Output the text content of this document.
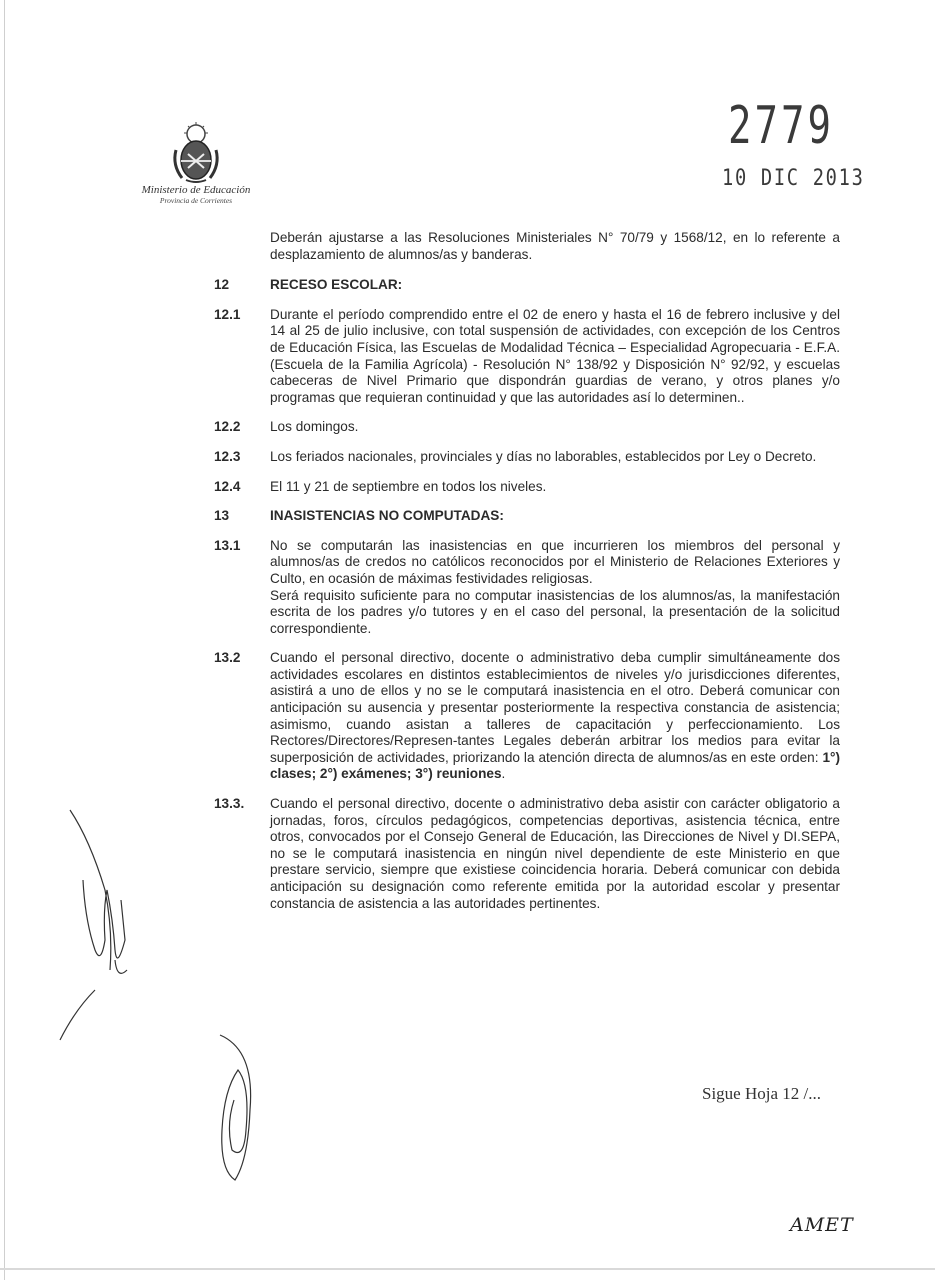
Ministerio de Educación
Provincia de Corrientes
2779
10 DIC 2013
Deberán ajustarse a las Resoluciones Ministeriales N° 70/79 y 1568/12, en lo referente a desplazamiento de alumnos/as y banderas.
12	RECESO ESCOLAR:
12.1	Durante el período comprendido entre el 02 de enero y hasta el 16 de febrero inclusive y del 14 al 25 de julio inclusive, con total suspensión de actividades, con excepción de los Centros de Educación Física, las Escuelas de Modalidad Técnica – Especialidad Agropecuaria - E.F.A. (Escuela de la Familia Agrícola) - Resolución N° 138/92 y Disposición N° 92/92, y escuelas cabeceras de Nivel Primario que dispondrán guardias de verano, y otros planes y/o programas que requieran continuidad y que las autoridades así lo determinen..
12.2	Los domingos.
12.3	Los feriados nacionales, provinciales y días no laborables, establecidos por Ley o Decreto.
12.4	El 11 y 21 de septiembre en todos los niveles.
13	INASISTENCIAS NO COMPUTADAS:
13.1	No se computarán las inasistencias en que incurrieren los miembros del personal y alumnos/as de credos no católicos reconocidos por el Ministerio de Relaciones Exteriores y Culto, en ocasión de máximas festividades religiosas.
Será requisito suficiente para no computar inasistencias de los alumnos/as, la manifestación escrita de los padres y/o tutores y en el caso del personal, la presentación de la solicitud correspondiente.
13.2	Cuando el personal directivo, docente o administrativo deba cumplir simultáneamente dos actividades escolares en distintos establecimientos de niveles y/o jurisdicciones diferentes, asistirá a uno de ellos y no se le computará inasistencia en el otro. Deberá comunicar con anticipación su ausencia y presentar posteriormente la respectiva constancia de asistencia; asimismo, cuando asistan a talleres de capacitación y perfeccionamiento. Los Rectores/Directores/Represen-tantes Legales deberán arbitrar los medios para evitar la superposición de actividades, priorizando la atención directa de alumnos/as en este orden: 1°) clases; 2°) exámenes; 3°) reuniones.
13.3.	Cuando el personal directivo, docente o administrativo deba asistir con carácter obligatorio a jornadas, foros, círculos pedagógicos, competencias deportivas, asistencia técnica, entre otros, convocados por el Consejo General de Educación, las Direcciones de Nivel y DI.SEPA, no se le computará inasistencia en ningún nivel dependiente de este Ministerio en que prestare servicio, siempre que existiese coincidencia horaria. Deberá comunicar con debida anticipación su designación como referente emitida por la autoridad escolar y presentar constancia de asistencia a las autoridades pertinentes.
Sigue Hoja 12 /...
AMET
